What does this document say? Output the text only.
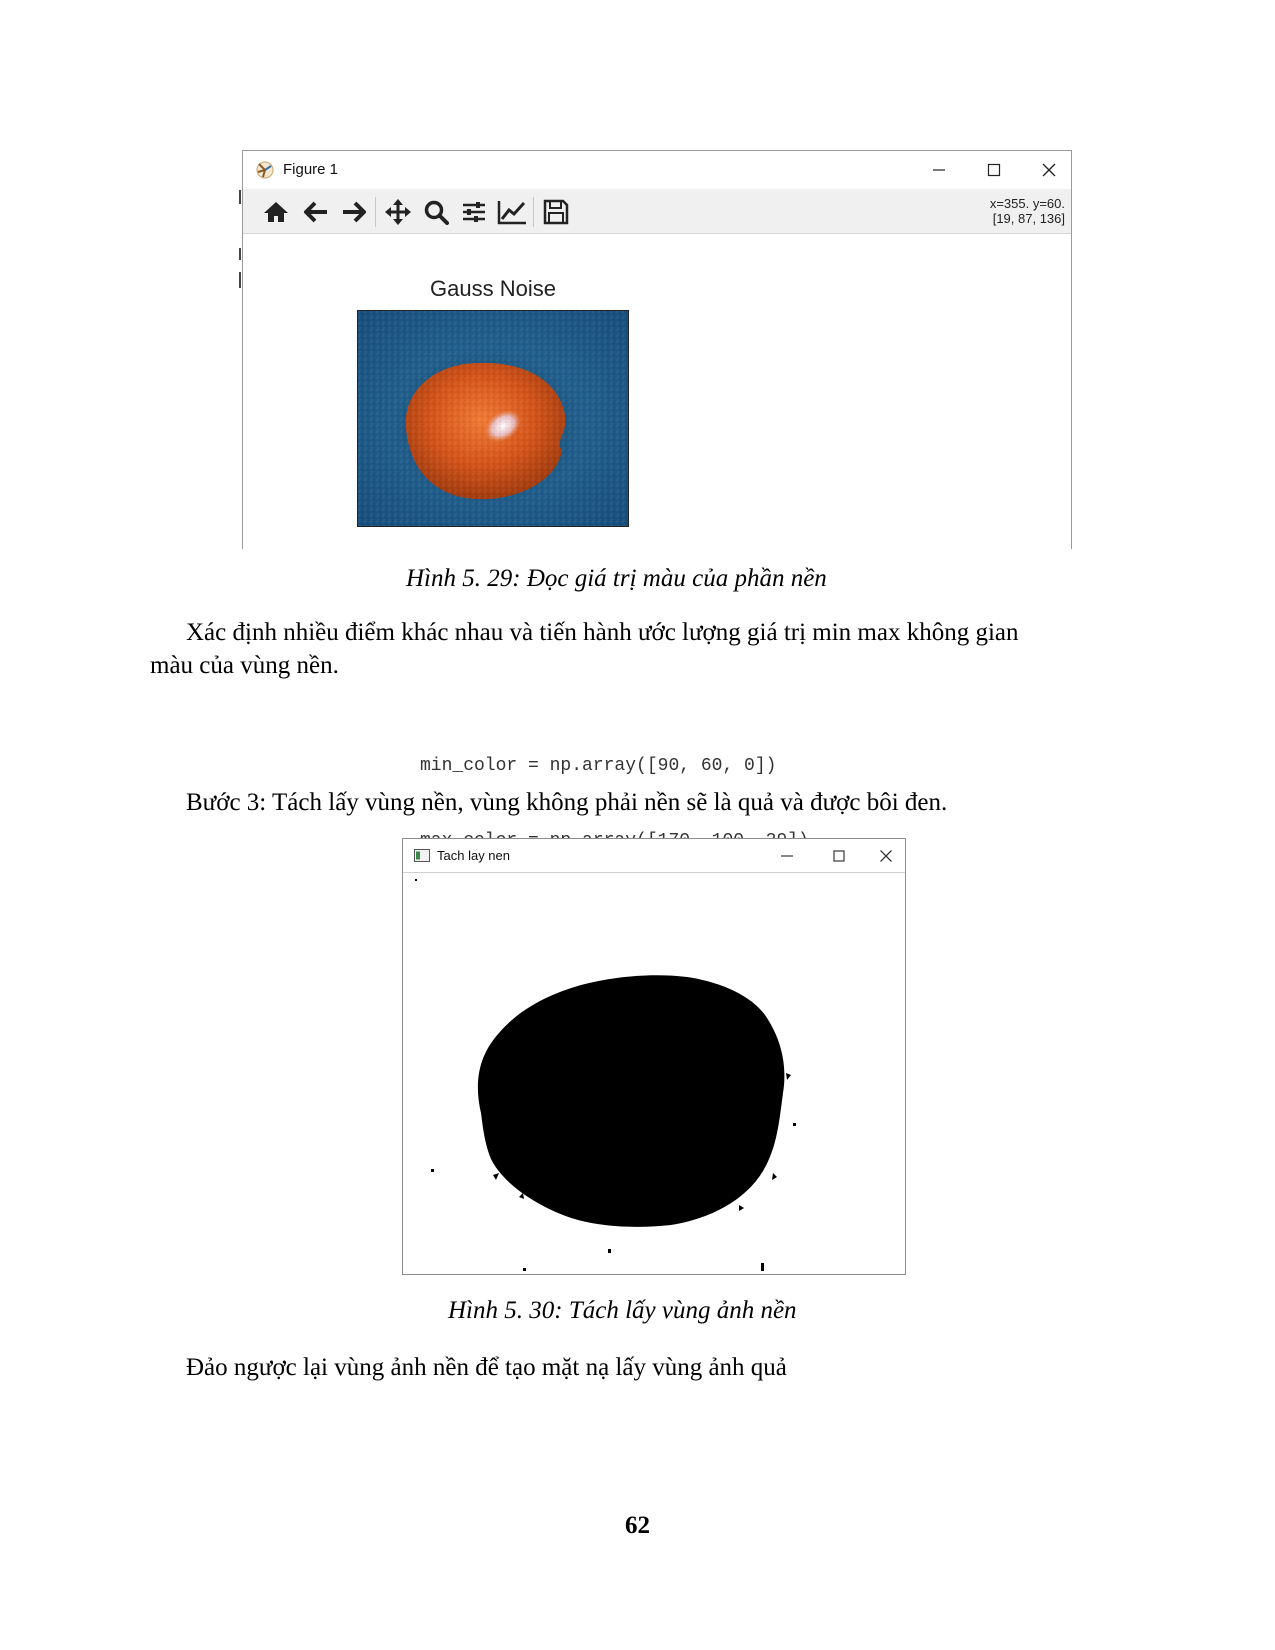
Figure 1
x=355. y=60.
[19, 87, 136]
Gauss Noise
Hình 5. 29: Đọc giá trị màu của phần nền
Xác định nhiều điểm khác nhau và tiến hành ước lượng giá trị min max không gian
màu của vùng nền.

min_color = np.array([90, 60, 0])

Bước 3: Tách lấy vùng nền, vùng không phải nền sẽ là quả và được bôi đen.
Tach lay nen
Hình 5. 30: Tách lấy vùng ảnh nền
Đảo ngược lại vùng ảnh nền để tạo mặt nạ lấy vùng ảnh quả
62
